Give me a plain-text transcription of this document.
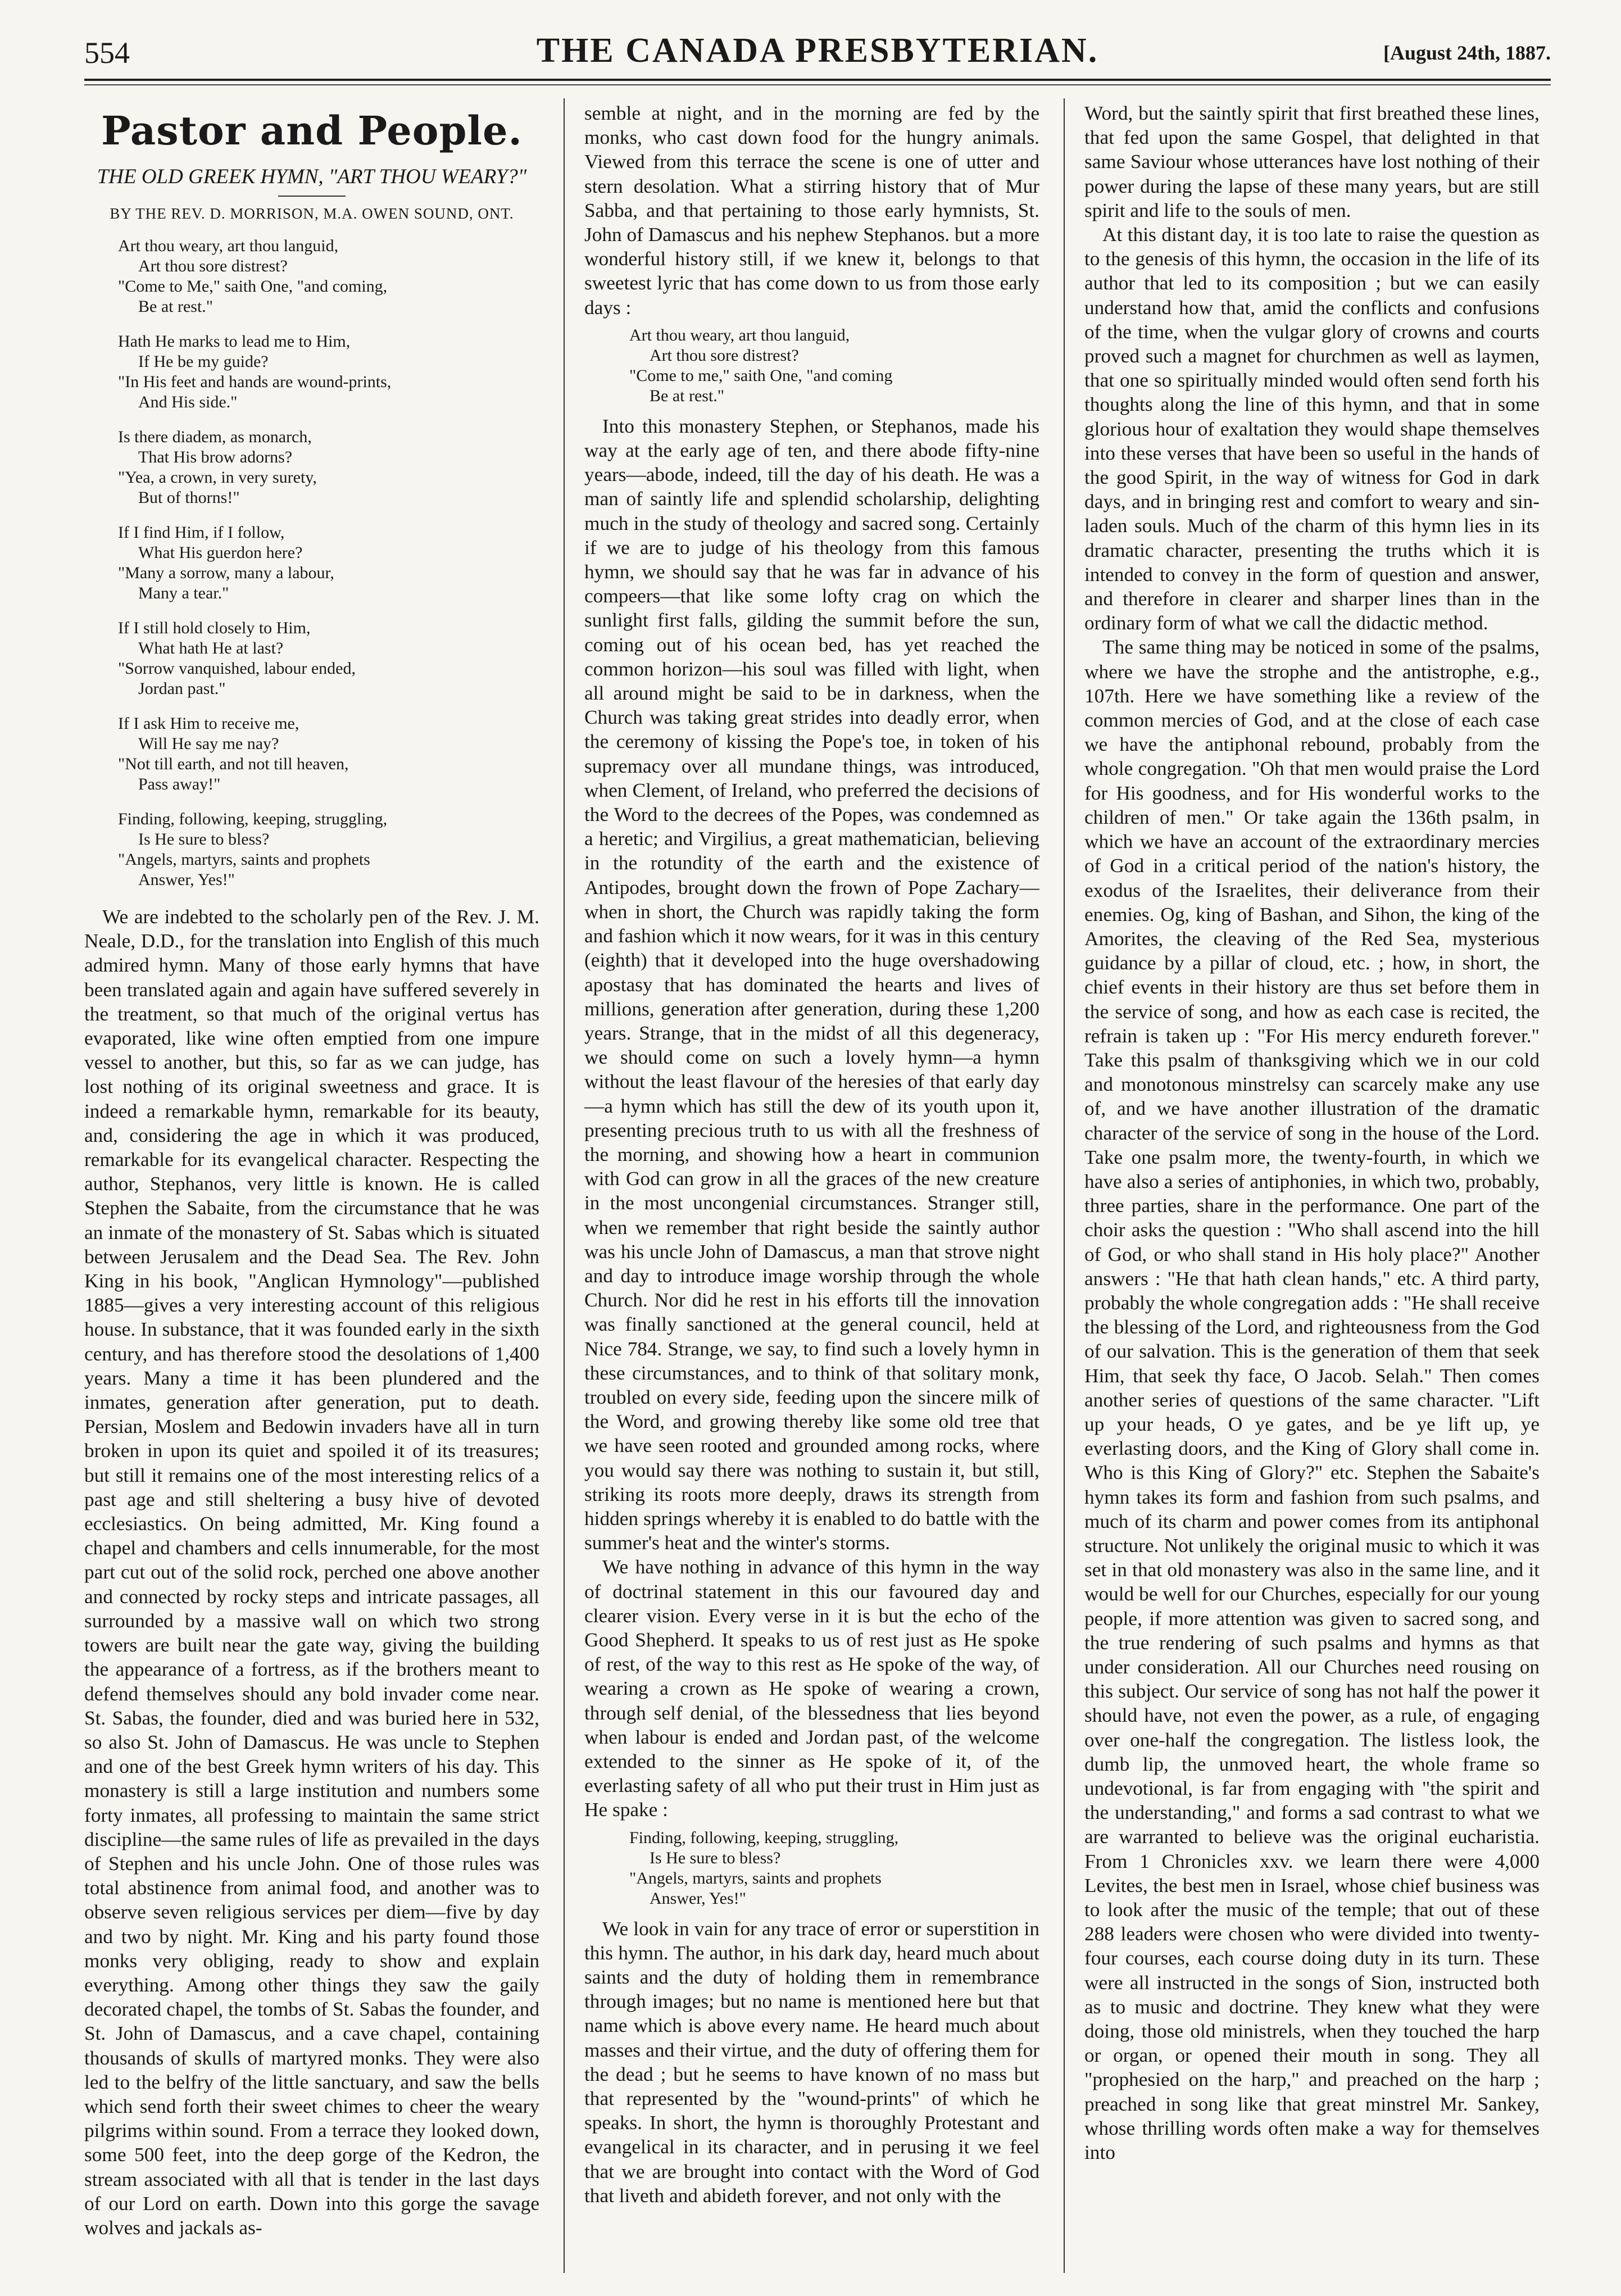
554	THE CANADA PRESBYTERIAN.	[August 24th, 1887.
Pastor and People.
THE OLD GREEK HYMN, "ART THOU WEARY?"
BY THE REV. D. MORRISON, M.A. OWEN SOUND, ONT.
Art thou weary, art thou languid,
Art thou sore distrest?
"Come to Me," saith One, "and coming,
Be at rest."
Hath He marks to lead me to Him,
If He be my guide?
"In His feet and hands are wound-prints,
And His side."
Is there diadem, as monarch,
That His brow adorns?
"Yea, a crown, in very surety,
But of thorns!"
If I find Him, if I follow,
What His guerdon here?
"Many a sorrow, many a labour,
Many a tear."
If I still hold closely to Him,
What hath He at last?
"Sorrow vanquished, labour ended,
Jordan past."
If I ask Him to receive me,
Will He say me nay?
"Not till earth, and not till heaven,
Pass away!"
Finding, following, keeping, struggling,
Is He sure to bless?
"Angels, martyrs, saints and prophets
Answer, Yes!"

We are indebted to the scholarly pen of the Rev. J. M. Neale, D.D., for the translation into English of this much admired hymn. Many of those early hymns that have been translated again and again have suffered severely in the treatment, so that much of the original vertus has evaporated, like wine often emptied from one impure vessel to another, but this, so far as we can judge, has lost nothing of its original sweetness and grace. It is indeed a remarkable hymn, remarkable for its beauty, and, considering the age in which it was produced, remarkable for its evangelical character. Respecting the author, Stephanos, very little is known. He is called Stephen the Sabaite, from the circumstance that he was an inmate of the monastery of St. Sabas which is situated between Jerusalem and the Dead Sea. The Rev. John King in his book, "Anglican Hymnology"—published 1885—gives a very interesting account of this religious house. In substance, that it was founded early in the sixth century, and has therefore stood the desolations of 1,400 years. Many a time it has been plundered and the inmates, generation after generation, put to death. Persian, Moslem and Bedowin invaders have all in turn broken in upon its quiet and spoiled it of its treasures; but still it remains one of the most interesting relics of a past age and still sheltering a busy hive of devoted ecclesiastics. On being admitted, Mr. King found a chapel and chambers and cells innumerable, for the most part cut out of the solid rock, perched one above another and connected by rocky steps and intricate passages, all surrounded by a massive wall on which two strong towers are built near the gate way, giving the building the appearance of a fortress, as if the brothers meant to defend themselves should any bold invader come near. St. Sabas, the founder, died and was buried here in 532, so also St. John of Damascus. He was uncle to Stephen and one of the best Greek hymn writers of his day. This monastery is still a large institution and numbers some forty inmates, all professing to maintain the same strict discipline—the same rules of life as prevailed in the days of Stephen and his uncle John. One of those rules was total abstinence from animal food, and another was to observe seven religious services per diem—five by day and two by night. Mr. King and his party found those monks very obliging, ready to show and explain everything. Among other things they saw the gaily decorated chapel, the tombs of St. Sabas the founder, and St. John of Damascus, and a cave chapel, containing thousands of skulls of martyred monks. They were also led to the belfry of the little sanctuary, and saw the bells which send forth their sweet chimes to cheer the weary pilgrims within sound. From a terrace they looked down, some 500 feet, into the deep gorge of the Kedron, the stream associated with all that is tender in the last days of our Lord on earth. Down into this gorge the savage wolves and jackals as-

semble at night, and in the morning are fed by the monks, who cast down food for the hungry animals. Viewed from this terrace the scene is one of utter and stern desolation. What a stirring history that of Mur Sabba, and that pertaining to those early hymnists, St. John of Damascus and his nephew Stephanos. but a more wonderful history still, if we knew it, belongs to that sweetest lyric that has come down to us from those early days :

Art thou weary, art thou languid,
Art thou sore distrest?
"Come to me," saith One, "and coming
Be at rest."

Into this monastery Stephen, or Stephanos, made his way at the early age of ten, and there abode fifty-nine years—abode, indeed, till the day of his death. He was a man of saintly life and splendid scholarship, delighting much in the study of theology and sacred song. Certainly if we are to judge of his theology from this famous hymn, we should say that he was far in advance of his compeers—that like some lofty crag on which the sunlight first falls, gilding the summit before the sun, coming out of his ocean bed, has yet reached the common horizon—his soul was filled with light, when all around might be said to be in darkness, when the Church was taking great strides into deadly error, when the ceremony of kissing the Pope's toe, in token of his supremacy over all mundane things, was introduced, when Clement, of Ireland, who preferred the decisions of the Word to the decrees of the Popes, was condemned as a heretic; and Virgilius, a great mathematician, believing in the rotundity of the earth and the existence of Antipodes, brought down the frown of Pope Zachary—when in short, the Church was rapidly taking the form and fashion which it now wears, for it was in this century (eighth) that it developed into the huge overshadowing apostasy that has dominated the hearts and lives of millions, generation after generation, during these 1,200 years. Strange, that in the midst of all this degeneracy, we should come on such a lovely hymn—a hymn without the least flavour of the heresies of that early day—a hymn which has still the dew of its youth upon it, presenting precious truth to us with all the freshness of the morning, and showing how a heart in communion with God can grow in all the graces of the new creature in the most uncongenial circumstances. Stranger still, when we remember that right beside the saintly author was his uncle John of Damascus, a man that strove night and day to introduce image worship through the whole Church. Nor did he rest in his efforts till the innovation was finally sanctioned at the general council, held at Nice 784. Strange, we say, to find such a lovely hymn in these circumstances, and to think of that solitary monk, troubled on every side, feeding upon the sincere milk of the Word, and growing thereby like some old tree that we have seen rooted and grounded among rocks, where you would say there was nothing to sustain it, but still, striking its roots more deeply, draws its strength from hidden springs whereby it is enabled to do battle with the summer's heat and the winter's storms.

We have nothing in advance of this hymn in the way of doctrinal statement in this our favoured day and clearer vision. Every verse in it is but the echo of the Good Shepherd. It speaks to us of rest just as He spoke of rest, of the way to this rest as He spoke of the way, of wearing a crown as He spoke of wearing a crown, through self denial, of the blessedness that lies beyond when labour is ended and Jordan past, of the welcome extended to the sinner as He spoke of it, of the everlasting safety of all who put their trust in Him just as He spake :

Finding, following, keeping, struggling,
Is He sure to bless?
"Angels, martyrs, saints and prophets
Answer, Yes!"

We look in vain for any trace of error or superstition in this hymn. The author, in his dark day, heard much about saints and the duty of holding them in remembrance through images; but no name is mentioned here but that name which is above every name. He heard much about masses and their virtue, and the duty of offering them for the dead ; but he seems to have known of no mass but that represented by the "wound-prints" of which he speaks. In short, the hymn is thoroughly Protestant and evangelical in its character, and in perusing it we feel that we are brought into contact with the Word of God that liveth and abideth forever, and not only with the

Word, but the saintly spirit that first breathed these lines, that fed upon the same Gospel, that delighted in that same Saviour whose utterances have lost nothing of their power during the lapse of these many years, but are still spirit and life to the souls of men.

At this distant day, it is too late to raise the question as to the genesis of this hymn, the occasion in the life of its author that led to its composition ; but we can easily understand how that, amid the conflicts and confusions of the time, when the vulgar glory of crowns and courts proved such a magnet for churchmen as well as laymen, that one so spiritually minded would often send forth his thoughts along the line of this hymn, and that in some glorious hour of exaltation they would shape themselves into these verses that have been so useful in the hands of the good Spirit, in the way of witness for God in dark days, and in bringing rest and comfort to weary and sin-laden souls. Much of the charm of this hymn lies in its dramatic character, presenting the truths which it is intended to convey in the form of question and answer, and therefore in clearer and sharper lines than in the ordinary form of what we call the didactic method.

The same thing may be noticed in some of the psalms, where we have the strophe and the antistrophe, e.g., 107th. Here we have something like a review of the common mercies of God, and at the close of each case we have the antiphonal rebound, probably from the whole congregation. "Oh that men would praise the Lord for His goodness, and for His wonderful works to the children of men." Or take again the 136th psalm, in which we have an account of the extraordinary mercies of God in a critical period of the nation's history, the exodus of the Israelites, their deliverance from their enemies. Og, king of Bashan, and Sihon, the king of the Amorites, the cleaving of the Red Sea, mysterious guidance by a pillar of cloud, etc. ; how, in short, the chief events in their history are thus set before them in the service of song, and how as each case is recited, the refrain is taken up : "For His mercy endureth forever." Take this psalm of thanksgiving which we in our cold and monotonous minstrelsy can scarcely make any use of, and we have another illustration of the dramatic character of the service of song in the house of the Lord. Take one psalm more, the twenty-fourth, in which we have also a series of antiphonies, in which two, probably, three parties, share in the performance. One part of the choir asks the question : "Who shall ascend into the hill of God, or who shall stand in His holy place?" Another answers : "He that hath clean hands," etc. A third party, probably the whole congregation adds : "He shall receive the blessing of the Lord, and righteousness from the God of our salvation. This is the generation of them that seek Him, that seek thy face, O Jacob. Selah." Then comes another series of questions of the same character. "Lift up your heads, O ye gates, and be ye lift up, ye everlasting doors, and the King of Glory shall come in. Who is this King of Glory?" etc. Stephen the Sabaite's hymn takes its form and fashion from such psalms, and much of its charm and power comes from its antiphonal structure. Not unlikely the original music to which it was set in that old monastery was also in the same line, and it would be well for our Churches, especially for our young people, if more attention was given to sacred song, and the true rendering of such psalms and hymns as that under consideration. All our Churches need rousing on this subject. Our service of song has not half the power it should have, not even the power, as a rule, of engaging over one-half the congregation. The listless look, the dumb lip, the unmoved heart, the whole frame so undevotional, is far from engaging with "the spirit and the understanding," and forms a sad contrast to what we are warranted to believe was the original eucharistia. From 1 Chronicles xxv. we learn there were 4,000 Levites, the best men in Israel, whose chief business was to look after the music of the temple; that out of these 288 leaders were chosen who were divided into twenty-four courses, each course doing duty in its turn. These were all instructed in the songs of Sion, instructed both as to music and doctrine. They knew what they were doing, those old ministrels, when they touched the harp or organ, or opened their mouth in song. They all "prophesied on the harp," and preached on the harp ; preached in song like that great minstrel Mr. Sankey, whose thrilling words often make a way for themselves into
